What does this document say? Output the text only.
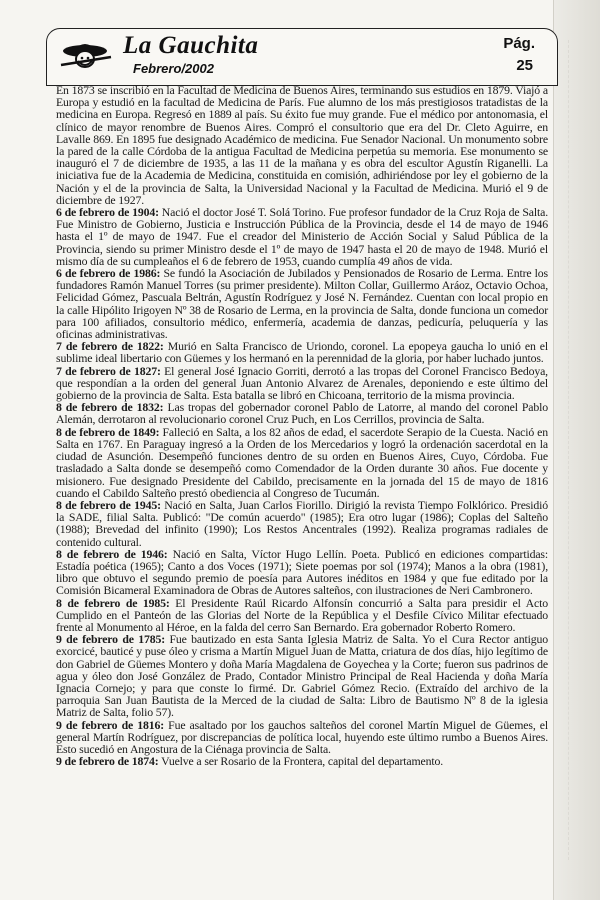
La Gauchita
Febrero/2002
Pág.
25

En 1873 se inscribió en la Facultad de Medicina de Buenos Aires, terminando sus estudios en 1879. Viajó a Europa y estudió en la facultad de Medicina de París. Fue alumno de los más prestigiosos tratadistas de la medicina en Europa. Regresó en 1889 al país. Su éxito fue muy grande. Fue el médico por antonomasia, el clínico de mayor renombre de Buenos Aires. Compró el consultorio que era del Dr. Cleto Aguirre, en Lavalle 869. En 1895 fue designado Académico de medicina. Fue Senador Nacional. Un monumento sobre la pared de la calle Córdoba de la antigua Facultad de Medicina perpetúa su memoria. Ese monumento se inauguró el 7 de diciembre de 1935, a las 11 de la mañana y es obra del escultor Agustín Riganelli. La iniciativa fue de la Academia de Medicina, constituida en comisión, adhiriéndose por ley el gobierno de la Nación y el de la provincia de Salta, la Universidad Nacional y la Facultad de Medicina. Murió el 9 de diciembre de 1927.

6 de febrero de 1904: Nació el doctor José T. Solá Torino. Fue profesor fundador de la Cruz Roja de Salta. Fue Ministro de Gobierno, Justicia e Instrucción Pública de la Provincia, desde el 14 de mayo de 1946 hasta el 1º de mayo de 1947. Fue el creador del Ministerio de Acción Social y Salud Pública de la Provincia, siendo su primer Ministro desde el 1º de mayo de 1947 hasta el 20 de mayo de 1948. Murió el mismo día de su cumpleaños el 6 de febrero de 1953, cuando cumplía 49 años de vida.

6 de febrero de 1986: Se fundó la Asociación de Jubilados y Pensionados de Rosario de Lerma. Entre los fundadores Ramón Manuel Torres (su primer presidente). Milton Collar, Guillermo Aráoz, Octavio Ochoa, Felicidad Gómez, Pascuala Beltrán, Agustín Rodríguez y José N. Fernández. Cuentan con local propio en la calle Hipólito Irigoyen Nº 38 de Rosario de Lerma, en la provincia de Salta, donde funciona un comedor para 100 afiliados, consultorio médico, enfermería, academia de danzas, pedicuría, peluquería y las oficinas administrativas.

7 de febrero de 1822: Murió en Salta Francisco de Uriondo, coronel. La epopeya gaucha lo unió en el sublime ideal libertario con Güemes y los hermanó en la perennidad de la gloria, por haber luchado juntos.

7 de febrero de 1827: El general José Ignacio Gorriti, derrotó a las tropas del Coronel Francisco Bedoya, que respondían a la orden del general Juan Antonio Alvarez de Arenales, deponiendo e este último del gobierno de la provincia de Salta. Esta batalla se libró en Chicoana, territorio de la misma provincia.

8 de febrero de 1832: Las tropas del gobernador coronel Pablo de Latorre, al mando del coronel Pablo Alemán, derrotaron al revolucionario coronel Cruz Puch, en Los Cerrillos, provincia de Salta.

8 de febrero de 1849: Falleció en Salta, a los 82 años de edad, el sacerdote Serapio de la Cuesta. Nació en Salta en 1767. En Paraguay ingresó a la Orden de los Mercedarios y logró la ordenación sacerdotal en la ciudad de Asunción. Desempeñó funciones dentro de su orden en Buenos Aires, Cuyo, Córdoba. Fue trasladado a Salta donde se desempeñó como Comendador de la Orden durante 30 años. Fue docente y misionero. Fue designado Presidente del Cabildo, precisamente en la jornada del 15 de mayo de 1816 cuando el Cabildo Salteño prestó obediencia al Congreso de Tucumán.

8 de febrero de 1945: Nació en Salta, Juan Carlos Fiorillo. Dirigió la revista Tiempo Folklórico. Presidió la SADE, filial Salta. Publicó: "De común acuerdo" (1985); Era otro lugar (1986); Coplas del Salteño (1988); Brevedad del infinito (1990); Los Restos Ancentrales (1992). Realiza programas radiales de contenido cultural.

8 de febrero de 1946: Nació en Salta, Víctor Hugo Lellín. Poeta. Publicó en ediciones compartidas: Estadía poética (1965); Canto a dos Voces (1971); Siete poemas por sol (1974); Manos a la obra (1981), libro que obtuvo el segundo premio de poesía para Autores inéditos en 1984 y que fue editado por la Comisión Bicameral Examinadora de Obras de Autores salteños, con ilustraciones de Neri Cambronero.

8 de febrero de 1985: El Presidente Raúl Ricardo Alfonsín concurrió a Salta para presidir el Acto Cumplido en el Panteón de las Glorias del Norte de la República y el Desfile Cívico Militar efectuado frente al Monumento al Héroe, en la falda del cerro San Bernardo. Era gobernador Roberto Romero.

9 de febrero de 1785: Fue bautizado en esta Santa Iglesia Matriz de Salta. Yo el Cura Rector antiguo exorcicé, bauticé y puse óleo y crisma a Martín Miguel Juan de Matta, criatura de dos días, hijo legítimo de don Gabriel de Güemes Montero y doña María Magdalena de Goyechea y la Corte; fueron sus padrinos de agua y óleo don José González de Prado, Contador Ministro Principal de Real Hacienda y doña María Ignacia Cornejo; y para que conste lo firmé. Dr. Gabriel Gómez Recio. (Extraído del archivo de la parroquia San Juan Bautista de la Merced de la ciudad de Salta: Libro de Bautismo Nº 8 de la iglesia Matriz de Salta, folio 57).

9 de febrero de 1816: Fue asaltado por los gauchos salteños del coronel Martín Miguel de Güemes, el general Martín Rodríguez, por discrepancias de política local, huyendo este último rumbo a Buenos Aires. Esto sucedió en Angostura de la Ciénaga provincia de Salta.

9 de febrero de 1874: Vuelve a ser Rosario de la Frontera, capital del departamento.
